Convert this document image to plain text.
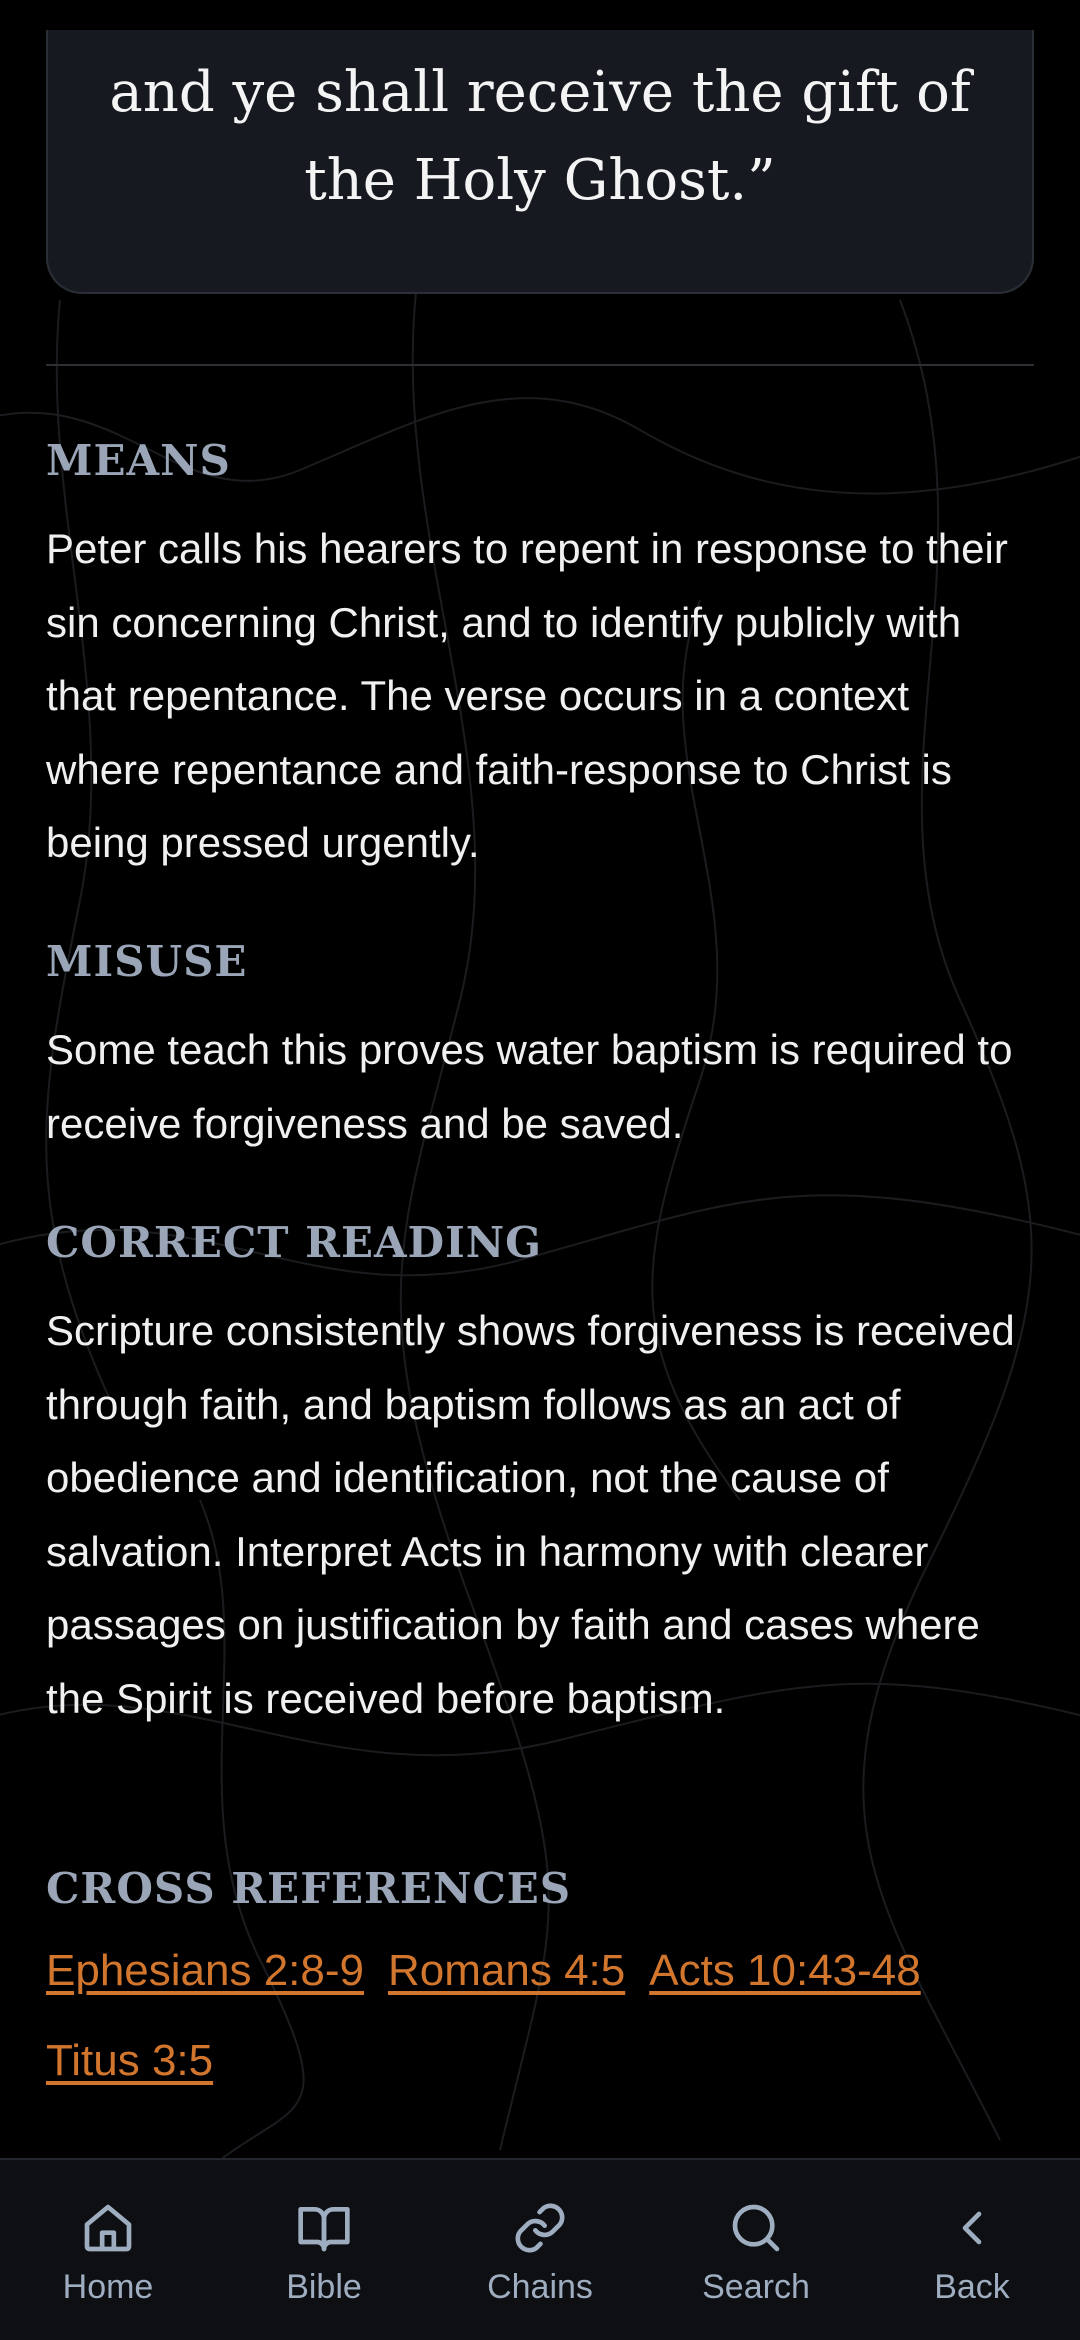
and ye shall receive the gift of
the Holy Ghost.”
MEANS
Peter calls his hearers to repent in response to their sin concerning Christ, and to identify publicly with that repentance. The verse occurs in a context where repentance and faith-response to Christ is being pressed urgently.
MISUSE
Some teach this proves water baptism is required to receive forgiveness and be saved.
CORRECT READING
Scripture consistently shows forgiveness is received through faith, and baptism follows as an act of obedience and identification, not the cause of salvation. Interpret Acts in harmony with clearer passages on justification by faith and cases where the Spirit is received before baptism.
CROSS REFERENCES
Ephesians 2:8-9 Romans 4:5 Acts 10:43-48
Titus 3:5
Home	Bible	Chains	Search	Back
